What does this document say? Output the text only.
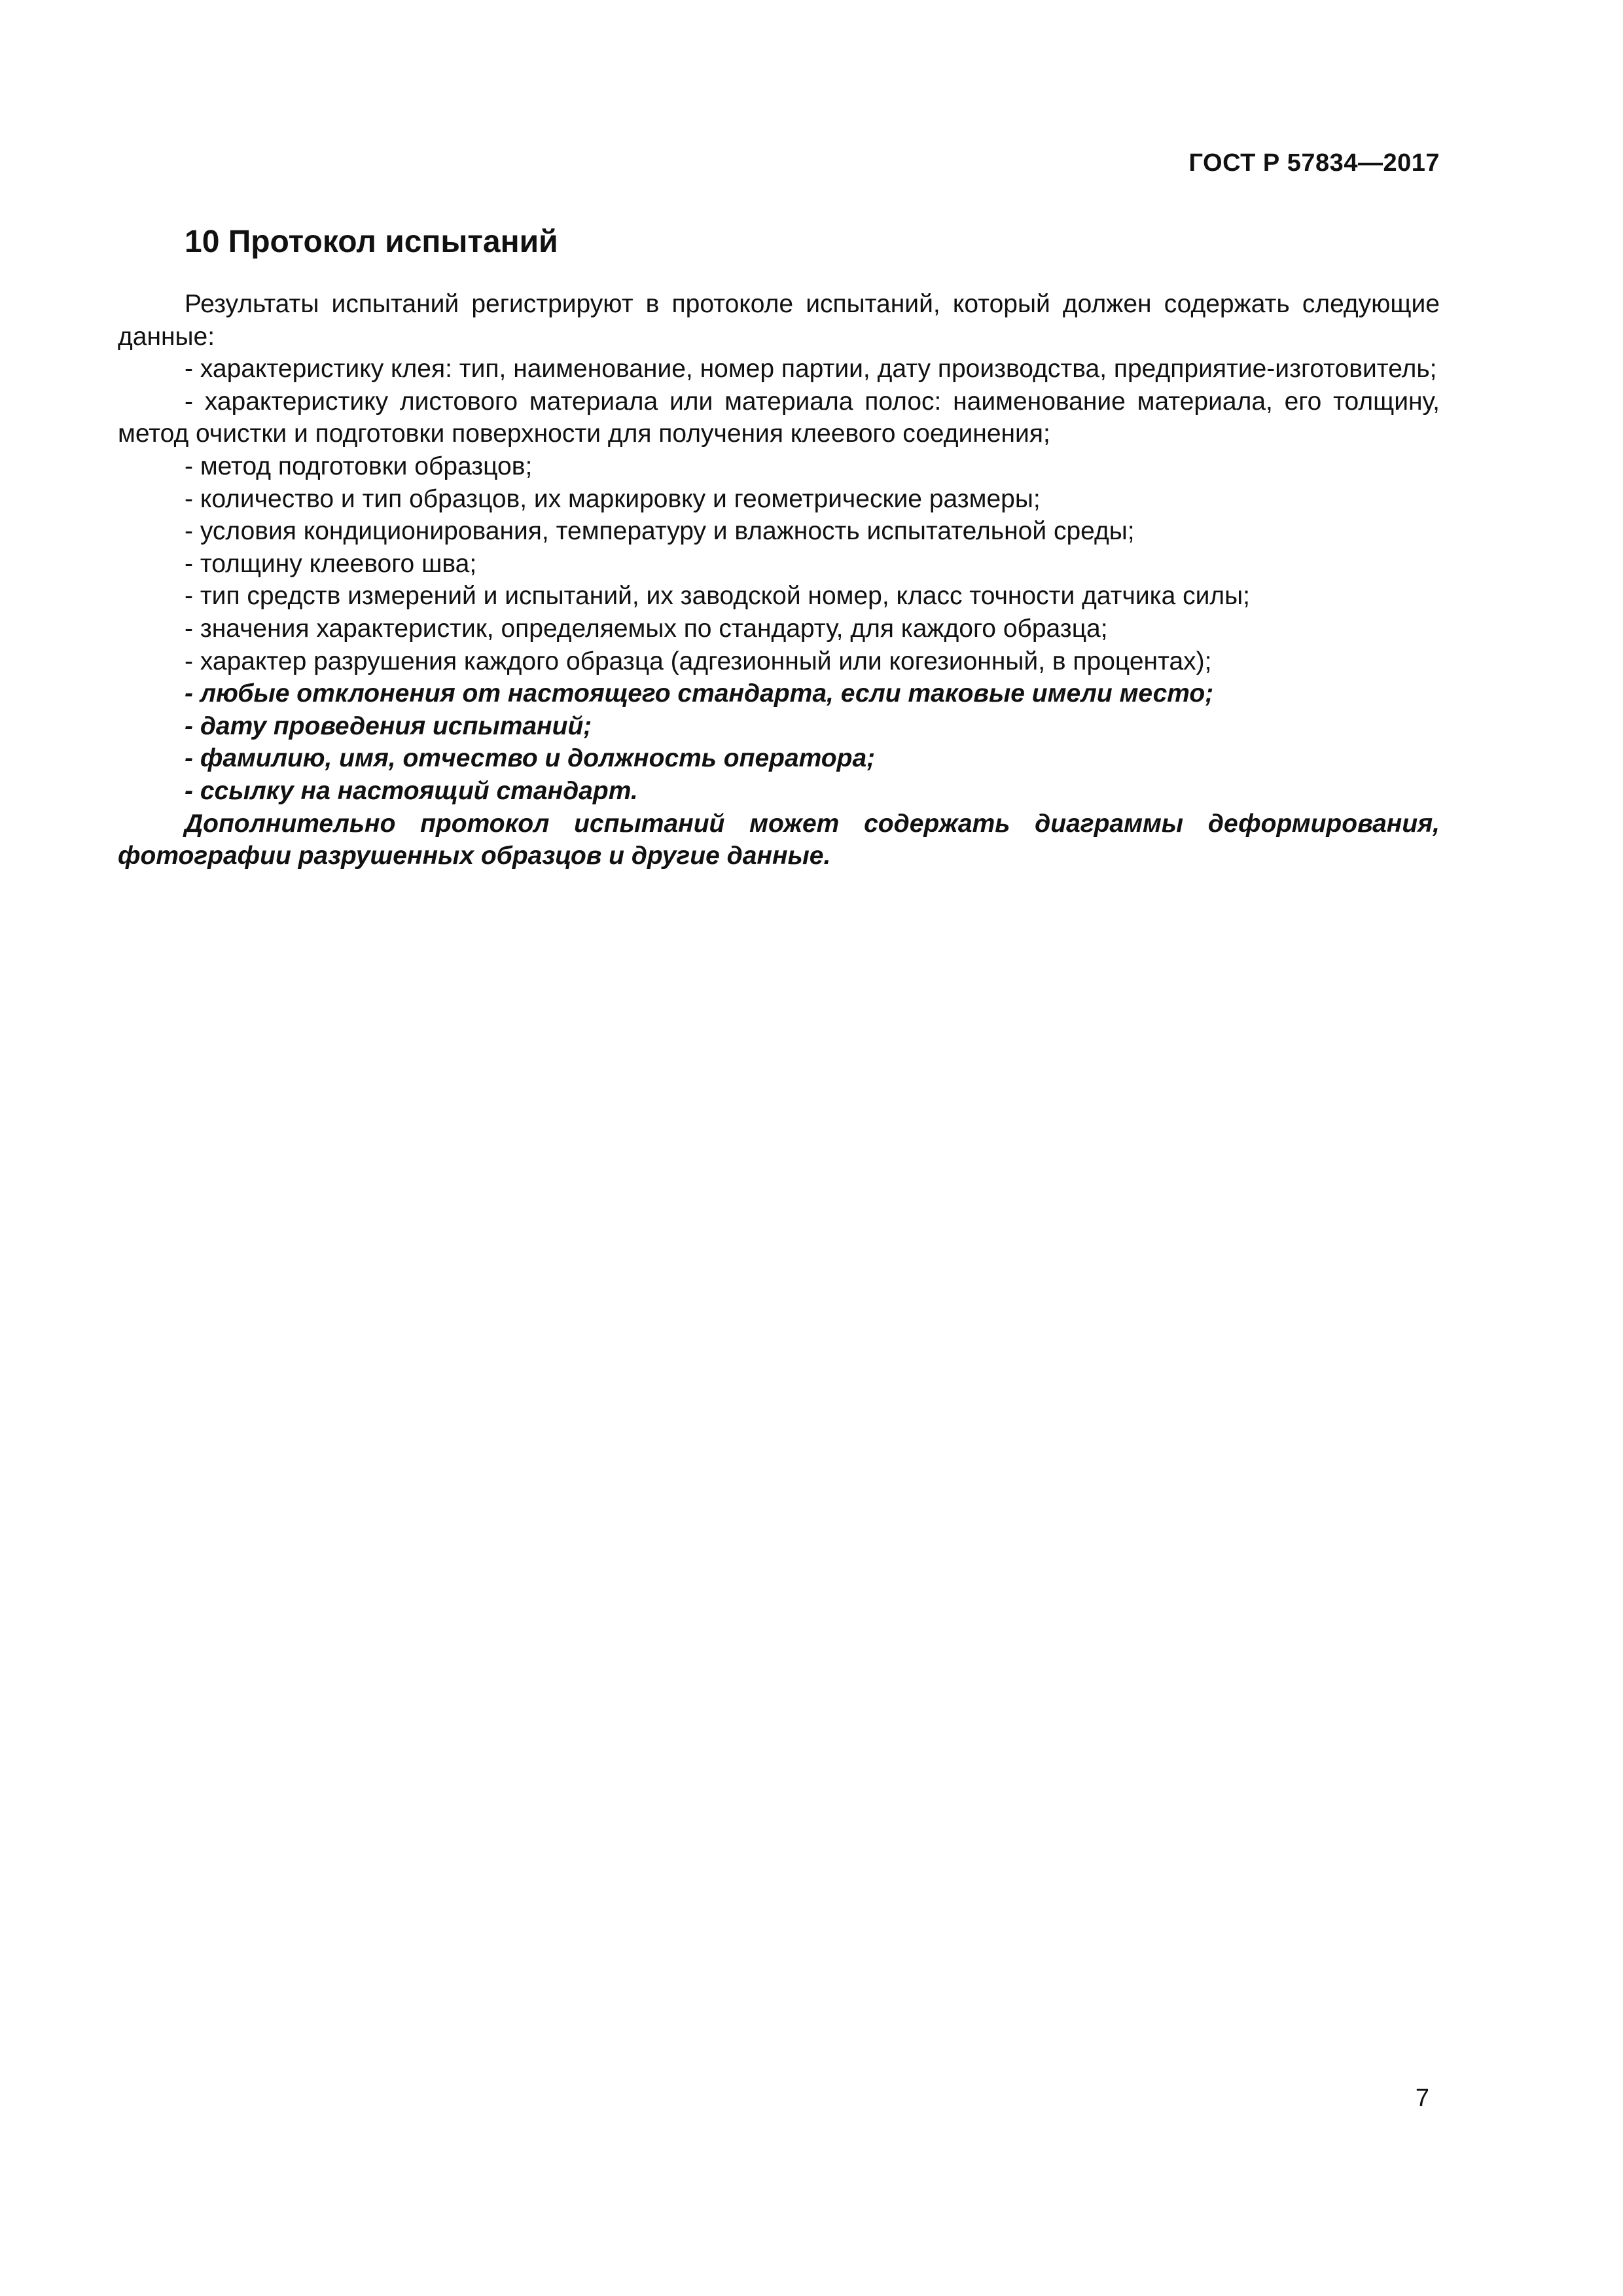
ГОСТ Р 57834—2017
10 Протокол испытаний

Результаты испытаний регистрируют в протоколе испытаний, который должен содержать следующие данные:

- характеристику клея: тип, наименование, номер партии, дату производства, предприятие-изготовитель;

- характеристику листового материала или материала полос: наименование материала, его толщину, метод очистки и подготовки поверхности для получения клеевого соединения;

- метод подготовки образцов;

- количество и тип образцов, их маркировку и геометрические размеры;

- условия кондиционирования, температуру и влажность испытательной среды;

- толщину клеевого шва;

- тип средств измерений и испытаний, их заводской номер, класс точности датчика силы;

- значения характеристик, определяемых по стандарту, для каждого образца;

- характер разрушения каждого образца (адгезионный или когезионный, в процентах);

- любые отклонения от настоящего стандарта, если таковые имели место;

- дату проведения испытаний;

- фамилию, имя, отчество и должность оператора;

- ссылку на настоящий стандарт.

Дополнительно протокол испытаний может содержать диаграммы деформирования, фотографии разрушенных образцов и другие данные.

7
